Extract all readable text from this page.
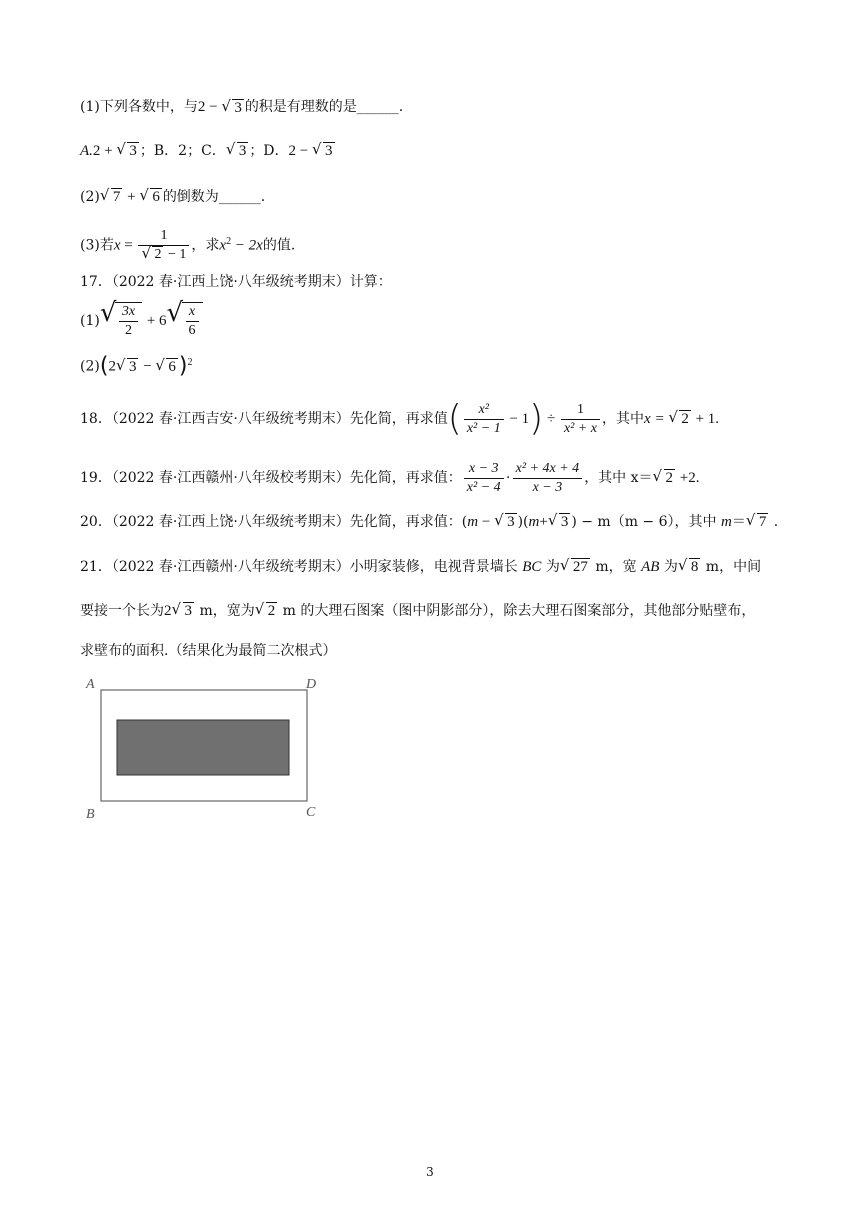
(1)下列各数中，与2 − √ 3 的积是有理数的是______.
A.2 + √ 3 ；B．2；C． √ 3 ；D．2 − √ 3
(2) √ 7 + √ 6 的倒数为______.
(3)若x = 1
√ 2 − 1 ，求$x^2 - 2x$的值.
17．（2022 春·江西上饶·八年级统考期末）计算：
(1) √ $\frac{3x}{2} + 6$ √ $\frac{x}{6}$
(2)(2 √ 3 − √ 6 )$^2$
18．（2022 春·江西吉安·八年级统考期末）先化简，再求值( $\frac{\text{x²}}{\text{x² − 1}} - 1) \div \frac{1}{\text{x² + x}}$ ，其中x = √ 2 + 1.
19．（2022 春·江西赣州·八年级校考期末）先化简，再求值： $\frac{x - 3}{\text{x² − 4}} \cdot \frac{\text{x² + 4x + 4}}{x - 3}$ ，其中 x＝ √ 2 +2.
20．（2022 春·江西上饶·八年级统考期末）先化简，再求值：(m − √ 3 )(m+ √ 3 ) − m（m − 6），其中 m＝ √ 7 .
21．（2022 春·江西赣州·八年级统考期末）小明家装修，电视背景墙长 BC 为 √ 27 m，宽 AB 为 √ 8 m，中间
要接一个长为2 √ 3 m，宽为 √ 2 m 的大理石图案（图中阴影部分），除去大理石图案部分，其他部分贴壁布，
求壁布的面积.（结果化为最简二次根式）
A	D
B	C
3
